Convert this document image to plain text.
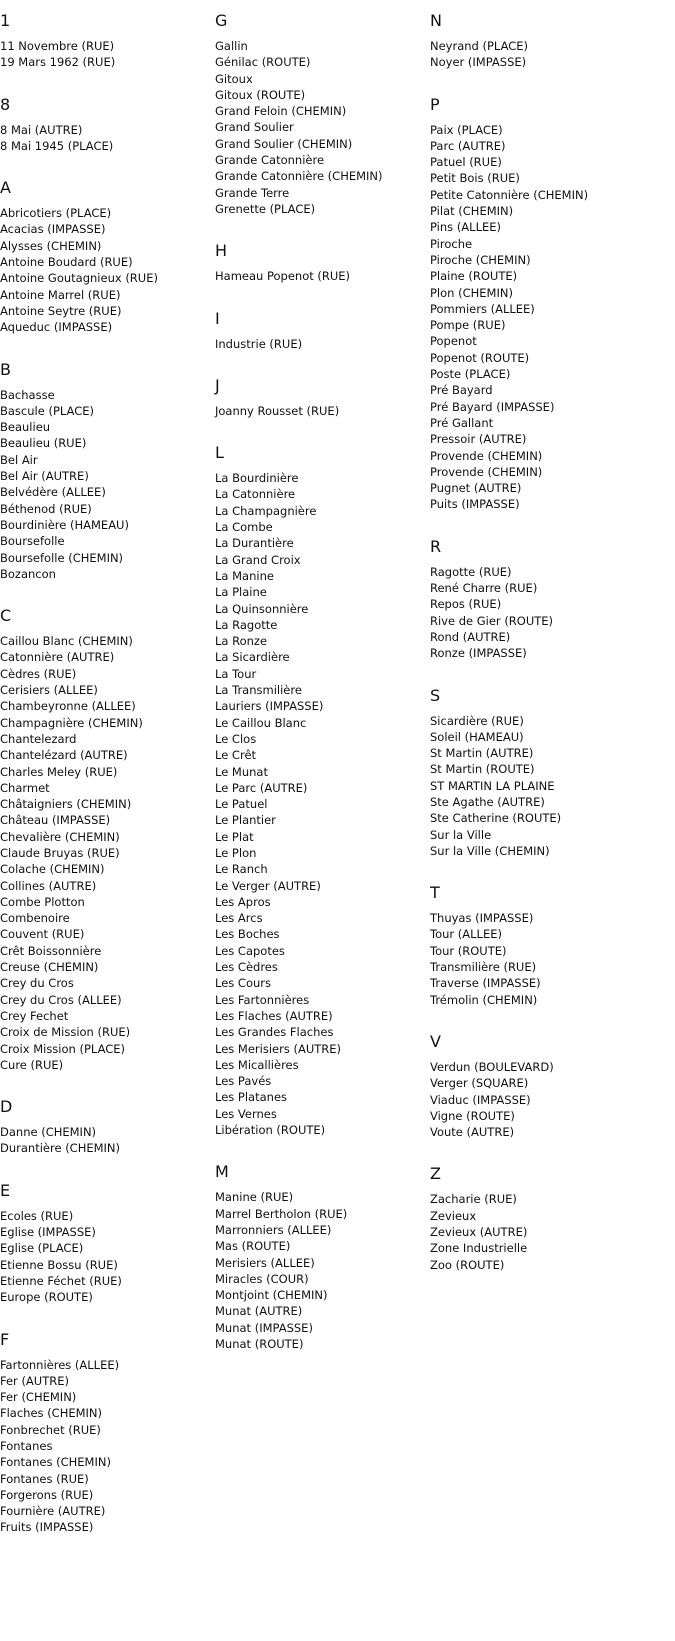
1
11 Novembre (RUE)
19 Mars 1962 (RUE)
8
8 Mai (AUTRE)
8 Mai 1945 (PLACE)
A
Abricotiers (PLACE)
Acacias (IMPASSE)
Alysses (CHEMIN)
Antoine Boudard (RUE)
Antoine Goutagnieux (RUE)
Antoine Marrel (RUE)
Antoine Seytre (RUE)
Aqueduc (IMPASSE)
B
Bachasse
Bascule (PLACE)
Beaulieu
Beaulieu (RUE)
Bel Air
Bel Air (AUTRE)
Belvédère (ALLEE)
Béthenod (RUE)
Bourdinière (HAMEAU)
Boursefolle
Boursefolle (CHEMIN)
Bozancon
C
Caillou Blanc (CHEMIN)
Catonnière (AUTRE)
Cèdres (RUE)
Cerisiers (ALLEE)
Chambeyronne (ALLEE)
Champagnière (CHEMIN)
Chantelezard
Chantelézard (AUTRE)
Charles Meley (RUE)
Charmet
Châtaigniers (CHEMIN)
Château (IMPASSE)
Chevalière (CHEMIN)
Claude Bruyas (RUE)
Colache (CHEMIN)
Collines (AUTRE)
Combe Plotton
Combenoire
Couvent (RUE)
Crêt Boissonnière
Creuse (CHEMIN)
Crey du Cros
Crey du Cros (ALLEE)
Crey Fechet
Croix de Mission (RUE)
Croix Mission (PLACE)
Cure (RUE)
D
Danne (CHEMIN)
Durantière (CHEMIN)
E
Ecoles (RUE)
Eglise (IMPASSE)
Eglise (PLACE)
Etienne Bossu (RUE)
Etienne Féchet (RUE)
Europe (ROUTE)
F
Fartonnières (ALLEE)
Fer (AUTRE)
Fer (CHEMIN)
Flaches (CHEMIN)
Fonbrechet (RUE)
Fontanes
Fontanes (CHEMIN)
Fontanes (RUE)
Forgerons (RUE)
Fournière (AUTRE)
Fruits (IMPASSE)
G
Gallin
Génilac (ROUTE)
Gitoux
Gitoux (ROUTE)
Grand Feloin (CHEMIN)
Grand Soulier
Grand Soulier (CHEMIN)
Grande Catonnière
Grande Catonnière (CHEMIN)
Grande Terre
Grenette (PLACE)
H
Hameau Popenot (RUE)
I
Industrie (RUE)
J
Joanny Rousset (RUE)
L
La Bourdinière
La Catonnière
La Champagnière
La Combe
La Durantière
La Grand Croix
La Manine
La Plaine
La Quinsonnière
La Ragotte
La Ronze
La Sicardière
La Tour
La Transmilière
Lauriers (IMPASSE)
Le Caillou Blanc
Le Clos
Le Crêt
Le Munat
Le Parc (AUTRE)
Le Patuel
Le Plantier
Le Plat
Le Plon
Le Ranch
Le Verger (AUTRE)
Les Apros
Les Arcs
Les Boches
Les Capotes
Les Cèdres
Les Cours
Les Fartonnières
Les Flaches (AUTRE)
Les Grandes Flaches
Les Merisiers (AUTRE)
Les Micallières
Les Pavés
Les Platanes
Les Vernes
Libération (ROUTE)
M
Manine (RUE)
Marrel Bertholon (RUE)
Marronniers (ALLEE)
Mas (ROUTE)
Merisiers (ALLEE)
Miracles (COUR)
Montjoint (CHEMIN)
Munat (AUTRE)
Munat (IMPASSE)
Munat (ROUTE)
N
Neyrand (PLACE)
Noyer (IMPASSE)
P
Paix (PLACE)
Parc (AUTRE)
Patuel (RUE)
Petit Bois (RUE)
Petite Catonnière (CHEMIN)
Pilat (CHEMIN)
Pins (ALLEE)
Piroche
Piroche (CHEMIN)
Plaine (ROUTE)
Plon (CHEMIN)
Pommiers (ALLEE)
Pompe (RUE)
Popenot
Popenot (ROUTE)
Poste (PLACE)
Pré Bayard
Pré Bayard (IMPASSE)
Pré Gallant
Pressoir (AUTRE)
Provende (CHEMIN)
Provende (CHEMIN)
Pugnet (AUTRE)
Puits (IMPASSE)
R
Ragotte (RUE)
René Charre (RUE)
Repos (RUE)
Rive de Gier (ROUTE)
Rond (AUTRE)
Ronze (IMPASSE)
S
Sicardière (RUE)
Soleil (HAMEAU)
St Martin (AUTRE)
St Martin (ROUTE)
ST MARTIN LA PLAINE
Ste Agathe (AUTRE)
Ste Catherine (ROUTE)
Sur la Ville
Sur la Ville (CHEMIN)
T
Thuyas (IMPASSE)
Tour (ALLEE)
Tour (ROUTE)
Transmilière (RUE)
Traverse (IMPASSE)
Trémolin (CHEMIN)
V
Verdun (BOULEVARD)
Verger (SQUARE)
Viaduc (IMPASSE)
Vigne (ROUTE)
Voute (AUTRE)
Z
Zacharie (RUE)
Zevieux
Zevieux (AUTRE)
Zone Industrielle
Zoo (ROUTE)
